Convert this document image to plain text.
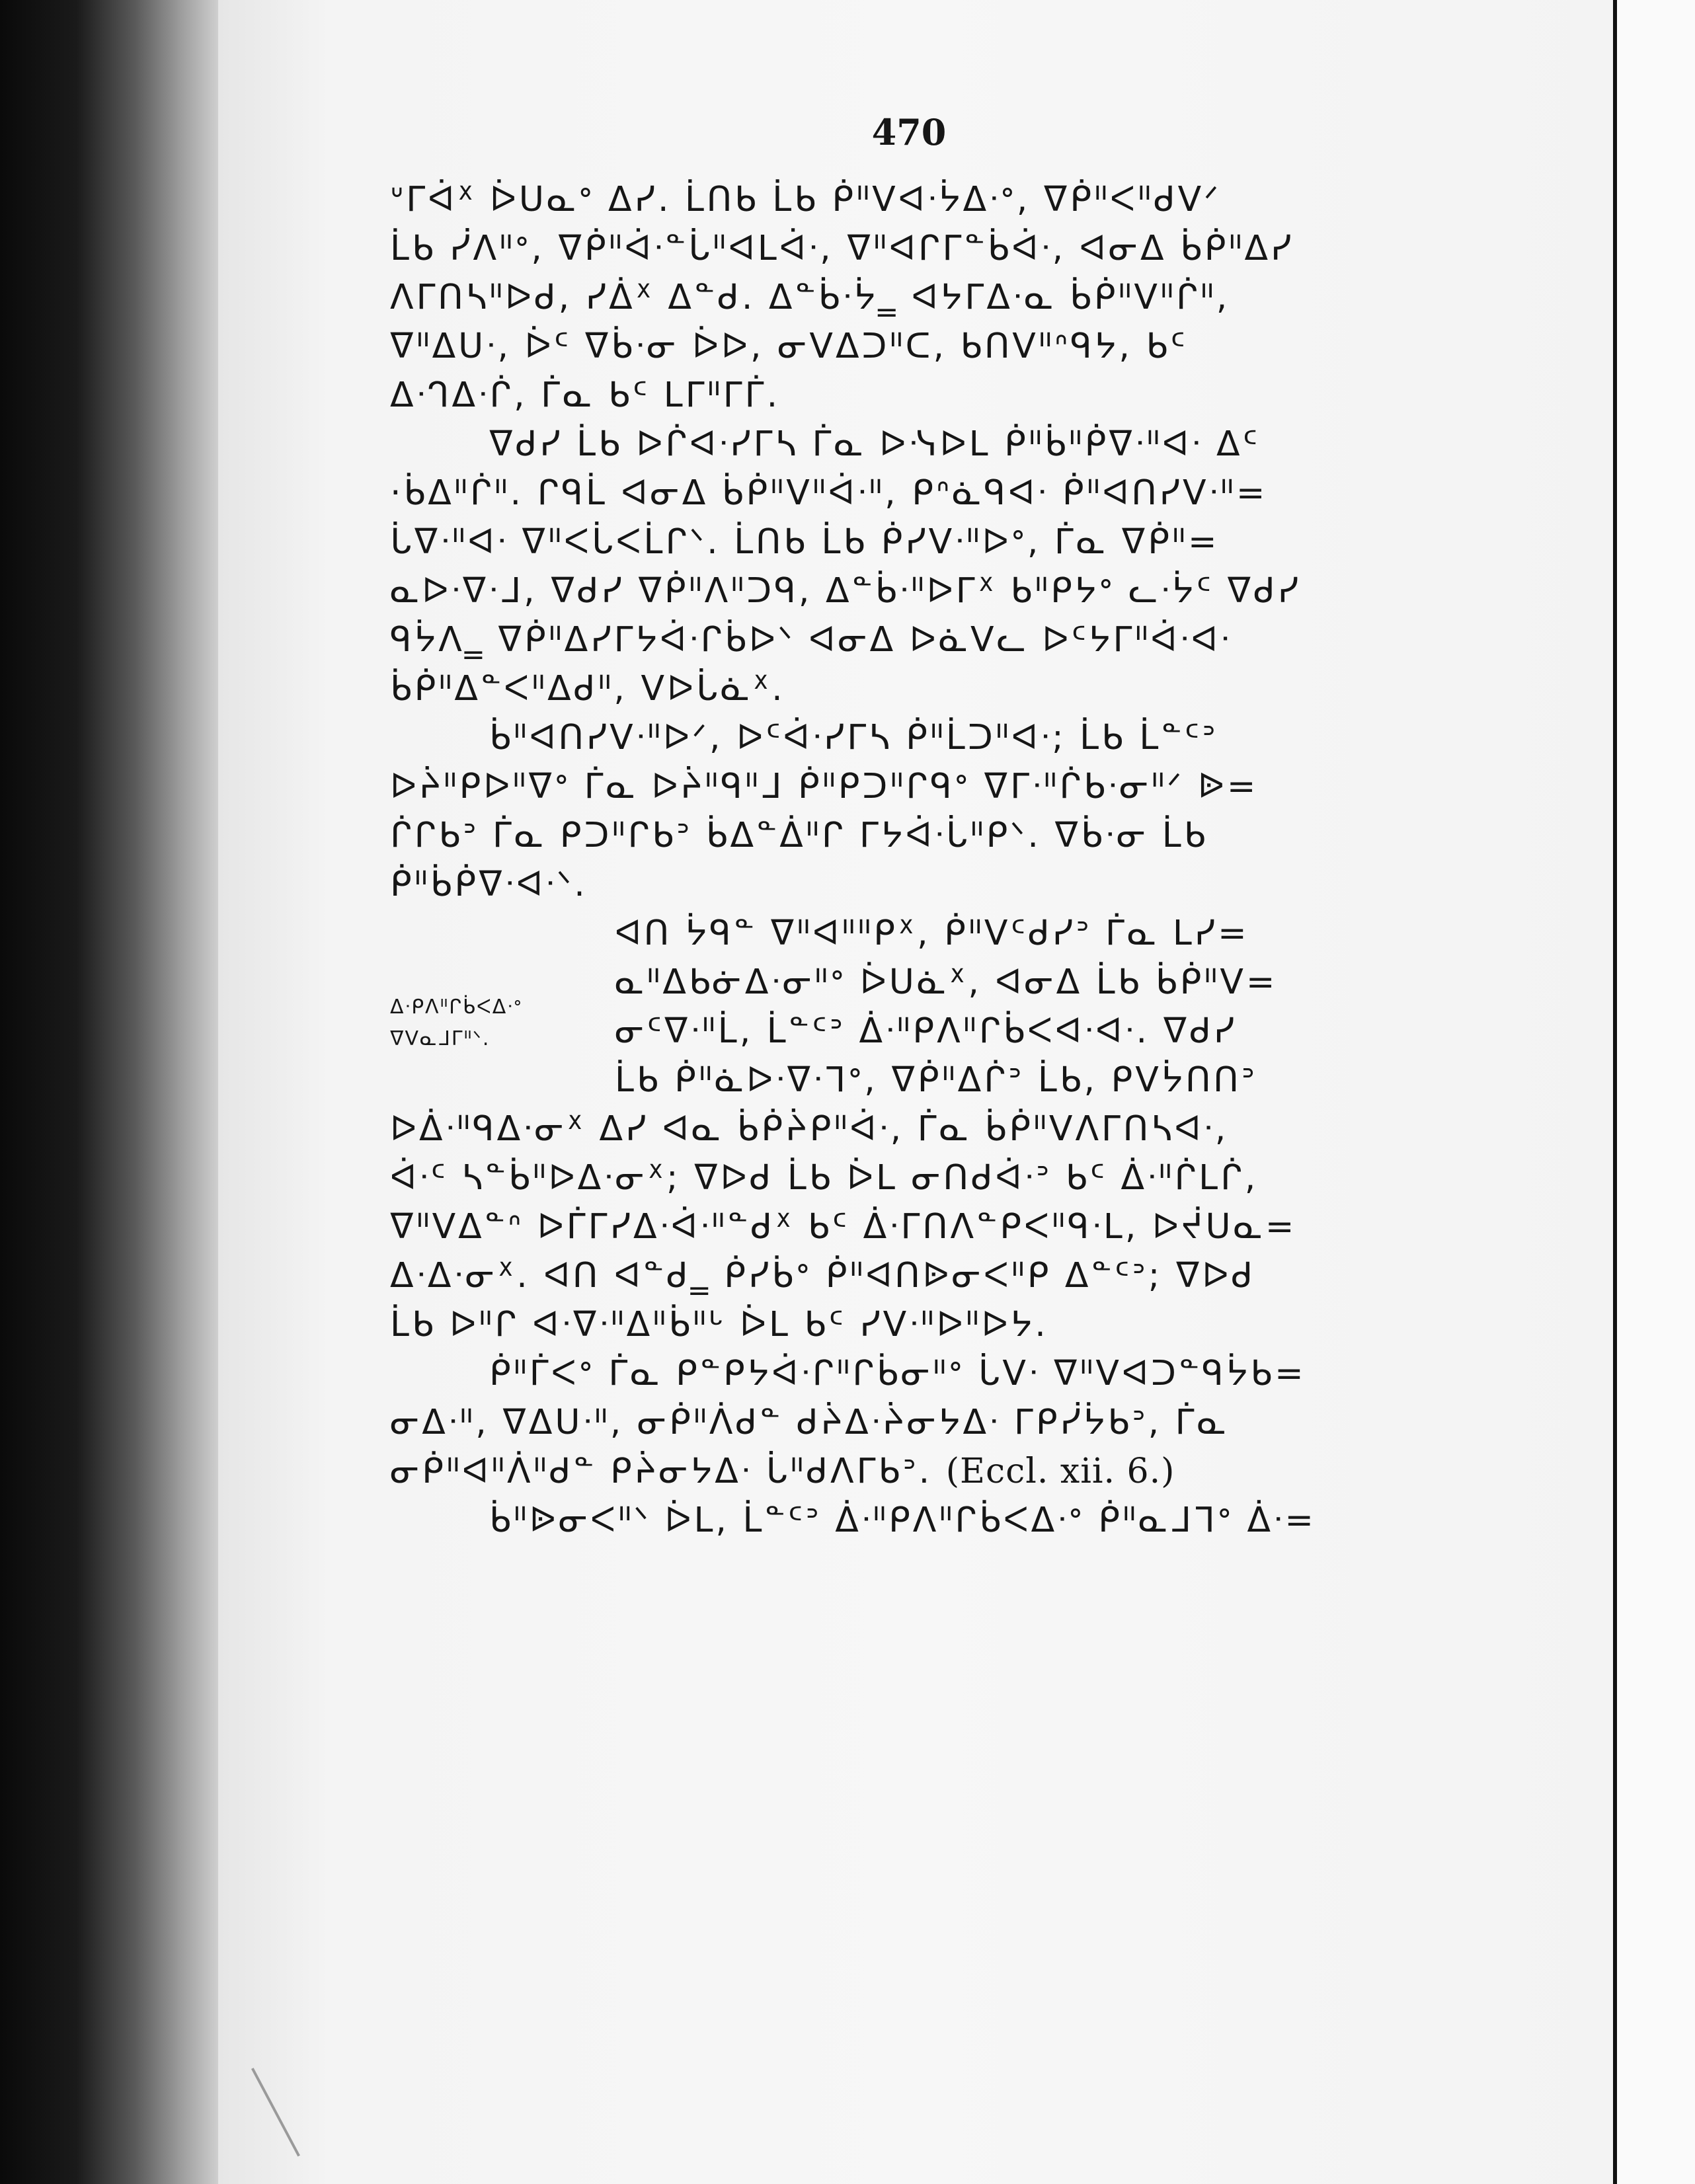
470
ᐡᒥᐋᕽ ᐆᑌᓇᐤ ᐃᓯ. ᒫᑎᑲ ᒫᑲ ᑮᐦᐯᐊᐧᔮᐃᐧᐤ, ᐁᑮᐦᐸᐦᑯᐯᐟ
ᒫᑲ ᓰᐱᐦᐤ, ᐁᑮᐦᐋᐧᓐᒑᐦᐊᒪᐋᐧ, ᐁᐦᐊᒋᒥᓐᑳᐋᐧ, ᐊᓂᐃ ᑳᑮᐦᐃᓯ
ᐱᒥᑎᓴᐦᐅᑯ, ᓯᐄᕽ ᐃᓐᑯ. ᐃᓐᑳᐧᔮ‗ ᐊᔭᒥᐃᐧᓇ ᑳᑮᐦᐯᐦᒌᐦ,
ᐁᐦᐃᑌᐧ, ᐆᑦ ᐁᑳᐧᓂ ᐆᐅ, ᓂᐯᐃᑐᐦᑕ, ᑲᑎᐯᐦᐢᑫᔭ, ᑲᑦ
ᐃᐧᒉᐃᐧᒌ, ᒦᓇ ᑲᑦ ᒪᒥᐦᒥᒦ.
ᐁᑯᓯ ᒫᑲ ᐅᒌᐊᐧᓯᒥᓴ ᒦᓇ ᐅᓶᐅᒪ ᑮᐦᑳᐦᑮᐁᐧᐦᐊᐧ ᐃᑦ
·ᑳᐃᐦᒌᐦ. ᒋᑫᒫ ᐊᓂᐃ ᑳᑮᐦᐯᐦᐋᐧᐦ, ᑭᐢᓈᑫᐊᐧ ᑮᐦᐊᑎᓯᐯᐧᐦ=
ᒑᐁᐧᐦᐊᐧ ᐁᐦᐸᒑᐸᒫᒋᐠ. ᒫᑎᑲ ᒫᑲ ᑮᓯᐯᐧᐦᐅᐤ, ᒦᓇ ᐁᑮᐦ=
ᓇᐅᐧᐁᐧᒧ, ᐁᑯᓯ ᐁᑮᐦᐱᐦᑐᑫ, ᐃᓐᑳᐧᐦᐅᒥᕽ ᑲᐦᑭᔭᐤ ᓚᐧᔮᑦ ᐁᑯᓯ
ᑫᔮᐱ‗ ᐁᑮᐦᐃᓯᒥᔭᐋᐧᒋᑳᐅᐠ ᐊᓂᐃ ᐅᓈᐯᓚ ᐅᑦᔭᒥᐦᐋᐧᐊᐧ
ᑳᑮᐦᐃᓐᐸᐦᐃᑯᐦ, ᐯᐅᒑᓈᕽ.
ᑳᐦᐊᑎᓯᐯᐧᐦᐅᐟ, ᐅᑦᐋᐧᓯᒥᓴ ᑮᐦᒫᑐᐦᐊᐧ; ᒫᑲ ᒫᓐᑦᐣ
ᐅᔩᐦᑭᐅᐦᐁᐤ ᒦᓇ ᐅᔩᐦᑫᐦᒧ ᑮᐦᑭᑐᐦᒋᑫᐤ ᐁᒥᐧᐦᒌᑲᐧᓂᐦᐟ ᐉ=
ᒌᒋᑲᐣ ᒦᓇ ᑭᑐᐦᒋᑲᐣ ᑳᐃᓐᐄᐦᒋ ᒥᔭᐋᐧᒑᐦᑭᐠ. ᐁᑳᐧᓂ ᒫᑲ
ᑮᐦᑳᑮᐁᐧᐊᐧᐠ.
ᐊᑎ ᔮᑫᓐ ᐁᐦᐊᐦᐦᑭᕽ, ᑮᐦᐯᑦᑯᓯᐣ ᒦᓇ ᒪᓯ=
ᓇᐦᐃᑲᓃᐃᐧᓂᐦᐤ ᐆᑌᓈᕽ, ᐊᓂᐃ ᒫᑲ ᑳᑮᐦᐯ=
ᓂᑦᐁᐧᐦᒫ, ᒫᓐᑦᐣ ᐄᐧᐦᑭᐱᐦᒋᑳᐸᐊᐧᐊᐧ. ᐁᑯᓯ
ᒫᑲ ᑮᐦᓈᐅᐧᐁᐧᒣᐤ, ᐁᑮᐦᐃᒌᐣ ᒫᑲ, ᑭᐯᔮᑎᑎᐣ
ᐅᐄᐧᐦᑫᐃᐧᓂᕽ ᐃᓯ ᐊᓇ ᑳᑮᔩᑭᐦᐋᐧ, ᒦᓇ ᑳᑮᐦᐯᐱᒥᑎᓴᐊᐧ,
ᐋᐧᑦ ᓴᓐᑳᐦᐅᐃᐧᓂᕽ; ᐁᐅᑯ ᒫᑲ ᐆᒪ ᓂᑎᑯᐋᐧᐣ ᑲᑦ ᐄᐧᐦᒌᒪᒌ,
ᐁᐦᐯᐃᓐᐢ ᐅᒦᒥᓯᐃᐧᐋᐧᐦᓐᑯᕽ ᑲᑦ ᐄᐧᒥᑎᐱᓐᑭᐸᐦᑫᐧᒪ, ᐅᔫᑌᓇ=
ᐃᐧᐃᐧᓂᕽ. ᐊᑎ ᐊᓐᑯ‗ ᑮᓯᑳᐤ ᑮᐦᐊᑎᐉᓂᐸᐦᑭ ᐃᓐᑦᐣ; ᐁᐅᑯ
ᒫᑲ ᐅᐦᒋ ᐊᐧᐁᐧᐦᐃᐦᑳᐦᒡ ᐆᒪ ᑲᑦ ᓯᐯᐧᐦᐅᐦᐅᔭ.
ᑮᐦᒦᐸᐤ ᒦᓇ ᑭᓐᑭᔭᐋᐧᒋᐦᒋᑳᓂᐦᐤ ᒑᐯᐧ ᐁᐦᐯᐊᑐᓐᑫᔮᑲ=
ᓂᐃᐧᐦ, ᐁᐃᑌᐧᐦ, ᓂᑮᐦᐲᑯᓐ ᑯᔩᐃᐧᔩᓂᔭᐃᐧ ᒥᑭᓰᔮᑲᐣ, ᒦᓇ
ᓂᑮᐦᐊᐦᐲᐦᑯᓐ ᑭᔩᓂᔭᐃᐧ ᒑᐦᑯᐱᒥᑲᐣ. (Eccl. xii. 6.)
ᑳᐦᐉᓂᐸᐦᐠ ᐆᒪ, ᒫᓐᑦᐣ ᐄᐧᐦᑭᐱᐦᒋᑳᐸᐃᐧᐤ ᑮᐦᓇᒧᒣᐤ ᐄᐧ=
ᐃᐧᑭᐱᐦᒋᑳᐸᐃᐧᐤ
ᐁᐯᓇᒧᒥᐦᐠ.
